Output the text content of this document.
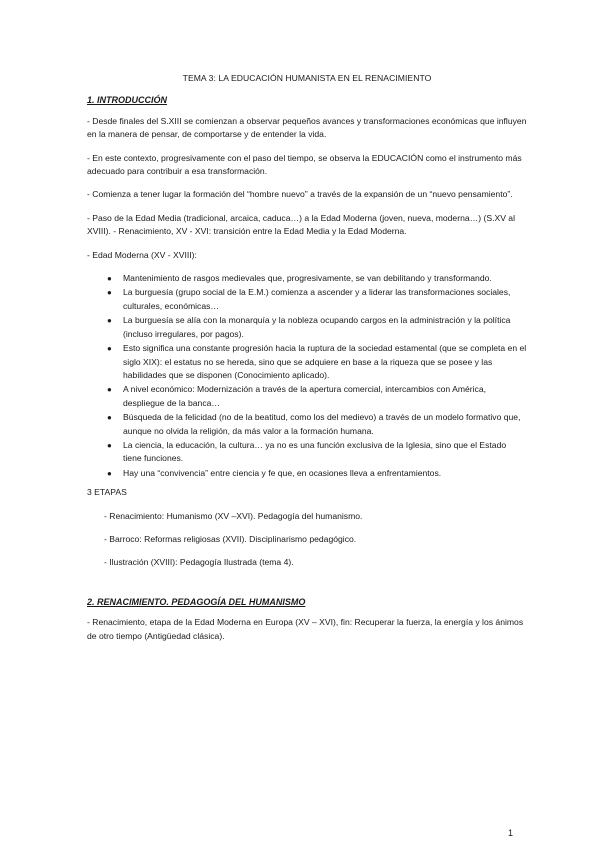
TEMA 3: LA EDUCACIÓN HUMANISTA EN EL RENACIMIENTO
1. INTRODUCCIÓN

- Desde finales del S.XIII se comienzan a observar pequeños avances y transformaciones económicas que influyen en la manera de pensar, de comportarse y de entender la vida.

- En este contexto, progresivamente con el paso del tiempo, se observa la EDUCACIÓN como el instrumento más adecuado para contribuir a esa transformación.

- Comienza a tener lugar la formación del “hombre nuevo” a través de la expansión de un “nuevo pensamiento”.

- Paso de la Edad Media (tradicional, arcaica, caduca…) a la Edad Moderna (joven, nueva, moderna…) (S.XV al XVIII). - Renacimiento, XV - XVI: transición entre la Edad Media y la Edad Moderna.

- Edad Moderna (XV - XVIII):

● Mantenimiento de rasgos medievales que, progresivamente, se van debilitando y transformando.
● La burguesía (grupo social de la E.M.) comienza a ascender y a liderar las transformaciones sociales, culturales, económicas…
● La burguesía se alía con la monarquía y la nobleza ocupando cargos en la administración y la política (incluso irregulares, por pagos).
● Esto significa una constante progresión hacia la ruptura de la sociedad estamental (que se completa en el siglo XIX): el estatus no se hereda, sino que se adquiere en base a la riqueza que se posee y las habilidades que se disponen (Conocimiento aplicado).
● A nivel económico: Modernización a través de la apertura comercial, intercambios con América, despliegue de la banca…
● Búsqueda de la felicidad (no de la beatitud, como los del medievo) a través de un modelo formativo que, aunque no olvida la religión, da más valor a la formación humana.
● La ciencia, la educación, la cultura… ya no es una función exclusiva de la Iglesia, sino que el Estado tiene funciones.
● Hay una “convivencia” entre ciencia y fe que, en ocasiones lleva a enfrentamientos.

3 ETAPAS

- Renacimiento: Humanismo (XV –XVI). Pedagogía del humanismo.

- Barroco: Reformas religiosas (XVII). Disciplinarismo pedagógico.

- Ilustración (XVIII): Pedagogía Ilustrada (tema 4).

2. RENACIMIENTO. PEDAGOGÍA DEL HUMANISMO

- Renacimiento, etapa de la Edad Moderna en Europa (XV – XVI), fin: Recuperar la fuerza, la energía y los ánimos de otro tiempo (Antigüedad clásica).

1
